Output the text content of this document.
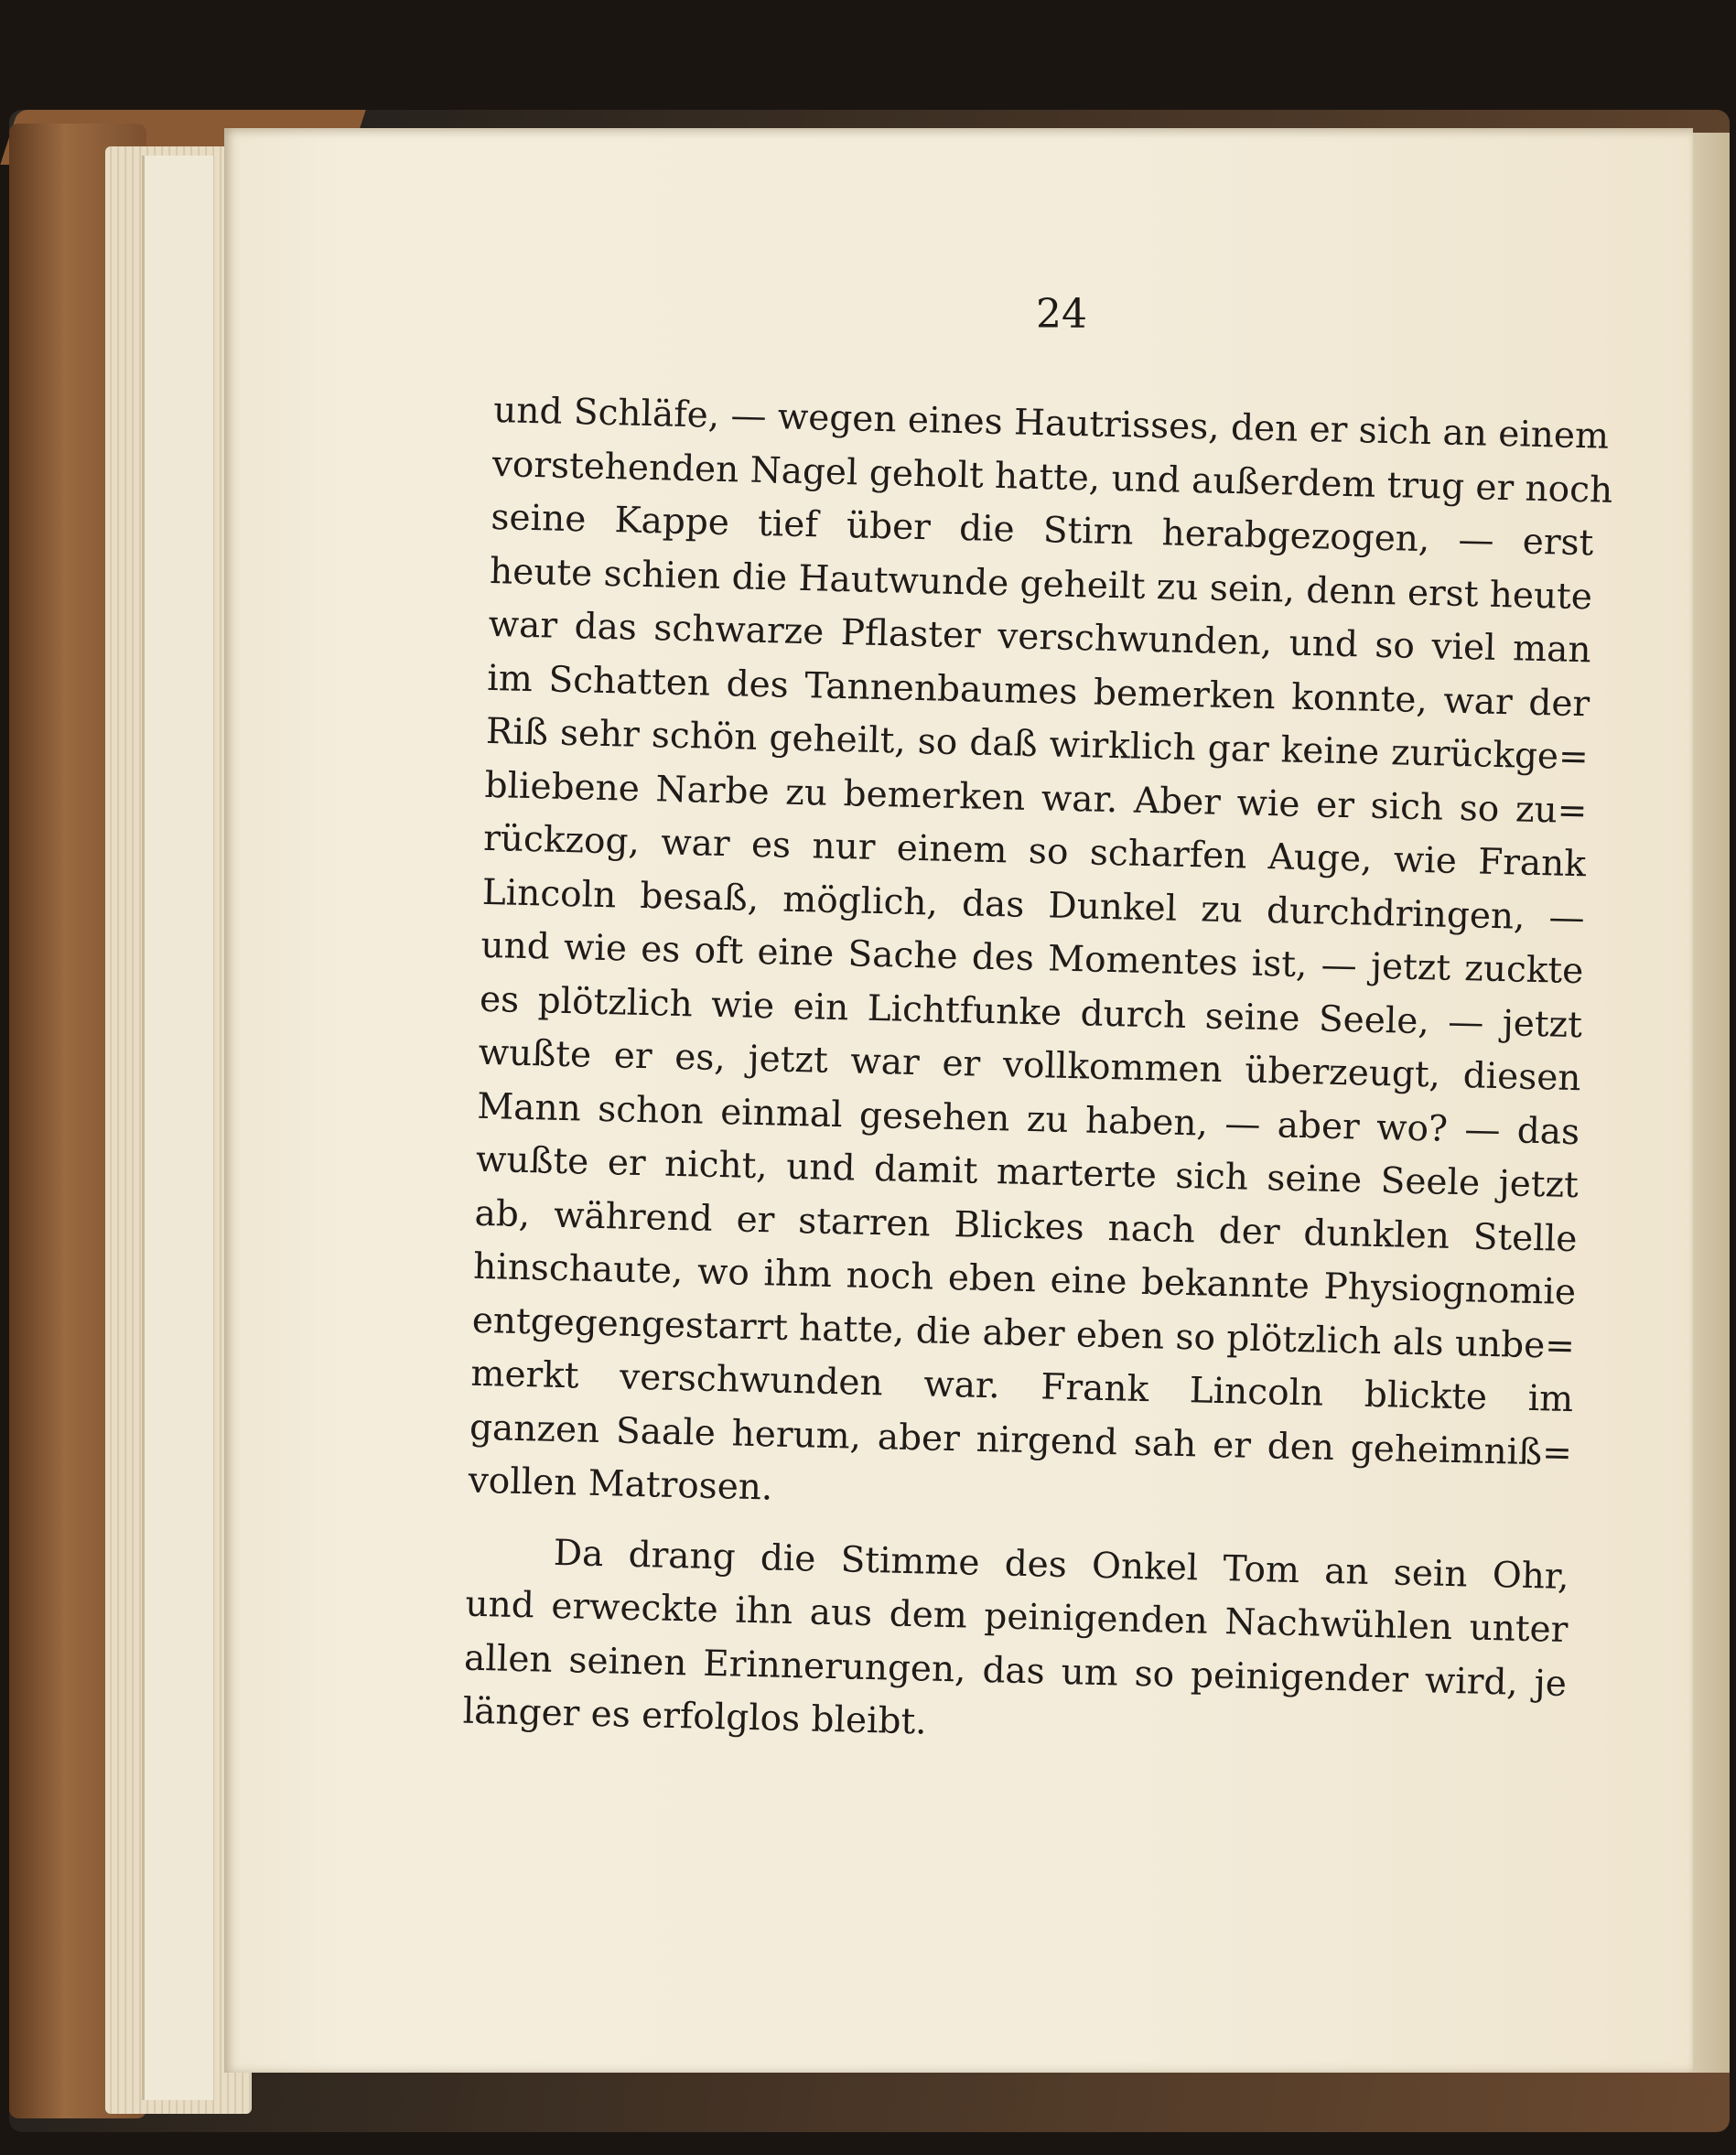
24
und Schläfe, — wegen eines Hautrisses, den er sich an einem
vorstehenden Nagel geholt hatte, und außerdem trug er noch
seine Kappe tief über die Stirn herabgezogen, — erst
heute schien die Hautwunde geheilt zu sein, denn erst heute
war das schwarze Pflaster verschwunden, und so viel man
im Schatten des Tannenbaumes bemerken konnte, war der
Riß sehr schön geheilt, so daß wirklich gar keine zurückge=
bliebene Narbe zu bemerken war. Aber wie er sich so zu=
rückzog, war es nur einem so scharfen Auge, wie Frank
Lincoln besaß, möglich, das Dunkel zu durchdringen, —
und wie es oft eine Sache des Momentes ist, — jetzt zuckte
es plötzlich wie ein Lichtfunke durch seine Seele, — jetzt
wußte er es, jetzt war er vollkommen überzeugt, diesen
Mann schon einmal gesehen zu haben, — aber wo? — das
wußte er nicht, und damit marterte sich seine Seele jetzt
ab, während er starren Blickes nach der dunklen Stelle
hinschaute, wo ihm noch eben eine bekannte Physiognomie
entgegengestarrt hatte, die aber eben so plötzlich als unbe=
merkt verschwunden war. Frank Lincoln blickte im
ganzen Saale herum, aber nirgend sah er den geheimniß=
vollen Matrosen.
Da drang die Stimme des Onkel Tom an sein Ohr,
und erweckte ihn aus dem peinigenden Nachwühlen unter
allen seinen Erinnerungen, das um so peinigender wird, je
länger es erfolglos bleibt.
